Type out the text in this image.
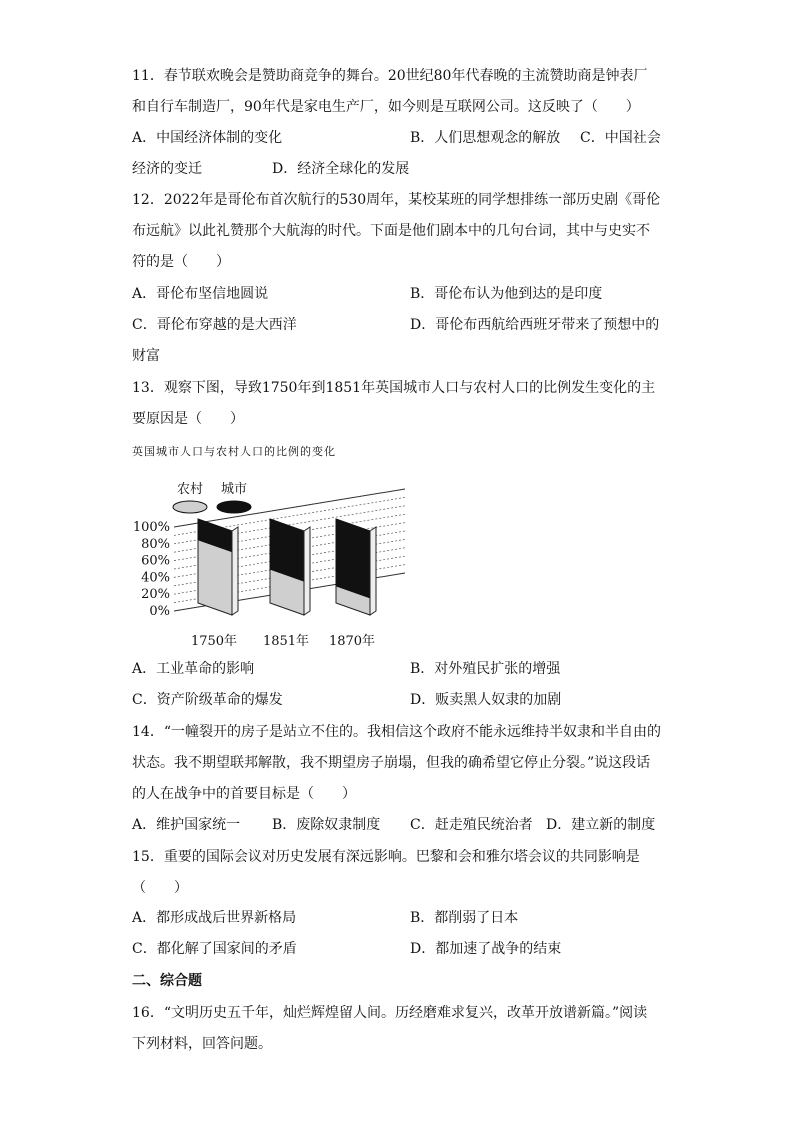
11．春节联欢晚会是赞助商竞争的舞台。20世纪80年代春晚的主流赞助商是钟表厂
和自行车制造厂，90年代是家电生产厂，如今则是互联网公司。这反映了（　　）
A．中国经济体制的变化	B．人们思想观念的解放 C．中国社会
经济的变迁	D．经济全球化的发展
12．2022年是哥伦布首次航行的530周年，某校某班的同学想排练一部历史剧《哥伦
布远航》以此礼赞那个大航海的时代。下面是他们剧本中的几句台词，其中与史实不
符的是（　　）
A．哥伦布坚信地圆说	B．哥伦布认为他到达的是印度
C．哥伦布穿越的是大西洋	D．哥伦布西航给西班牙带来了预想中的
财富
13．观察下图，导致1750年到1851年英国城市人口与农村人口的比例发生变化的主
要原因是（　　）
英国城市人口与农村人口的比例的变化
100%
80%
60%
40%
20%
0%
农村 城市
1750年 1851年 1870年
A．工业革命的影响	B．对外殖民扩张的增强
C．资产阶级革命的爆发	D．贩卖黑人奴隶的加剧
14．“一幢裂开的房子是站立不住的。我相信这个政府不能永远维持半奴隶和半自由的
状态。我不期望联邦解散，我不期望房子崩塌，但我的确希望它停止分裂。”说这段话
的人在战争中的首要目标是（　　）
A．维护国家统一 B．废除奴隶制度 C．赶走殖民统治者 D．建立新的制度
15．重要的国际会议对历史发展有深远影响。巴黎和会和雅尔塔会议的共同影响是
（　　）
A．都形成战后世界新格局	B．都削弱了日本
C．都化解了国家间的矛盾	D．都加速了战争的结束
二、综合题
16．“文明历史五千年，灿烂辉煌留人间。历经磨难求复兴，改革开放谱新篇。”阅读
下列材料，回答问题。
